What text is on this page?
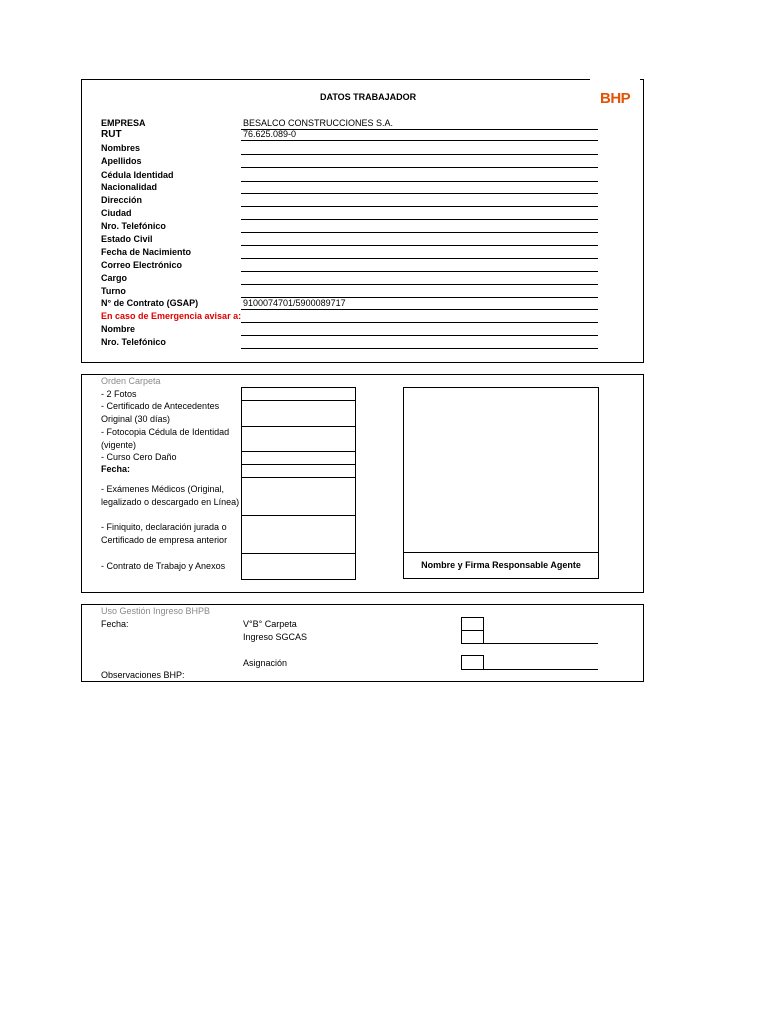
DATOS TRABAJADOR	BHP
EMPRESA	BESALCO CONSTRUCCIONES S.A.
RUT	76.625.089-0
Nombres
Apellidos
Cédula Identidad
Nacionalidad
Dirección
Ciudad
Nro. Telefónico
Estado Civil
Fecha de Nacimiento
Correo Electrónico
Cargo
Turno
N° de Contrato (GSAP)	9100074701/5900089717
En caso de Emergencia avisar a:
Nombre
Nro. Telefónico
Orden Carpeta
- 2 Fotos
- Certificado de Antecedentes
Original (30 días)
- Fotocopia Cédula de Identidad
(vigente)
- Curso Cero Daño
Fecha:
- Exámenes Médicos (Original,
legalizado o descargado en Línea)
- Finiquito, declaración jurada o
Certificado de empresa anterior
- Contrato de Trabajo y Anexos	Nombre y Firma Responsable Agente
Uso Gestión Ingreso BHPB
Fecha:	V°B° Carpeta
Ingreso SGCAS
Asignación
Observaciones BHP:
